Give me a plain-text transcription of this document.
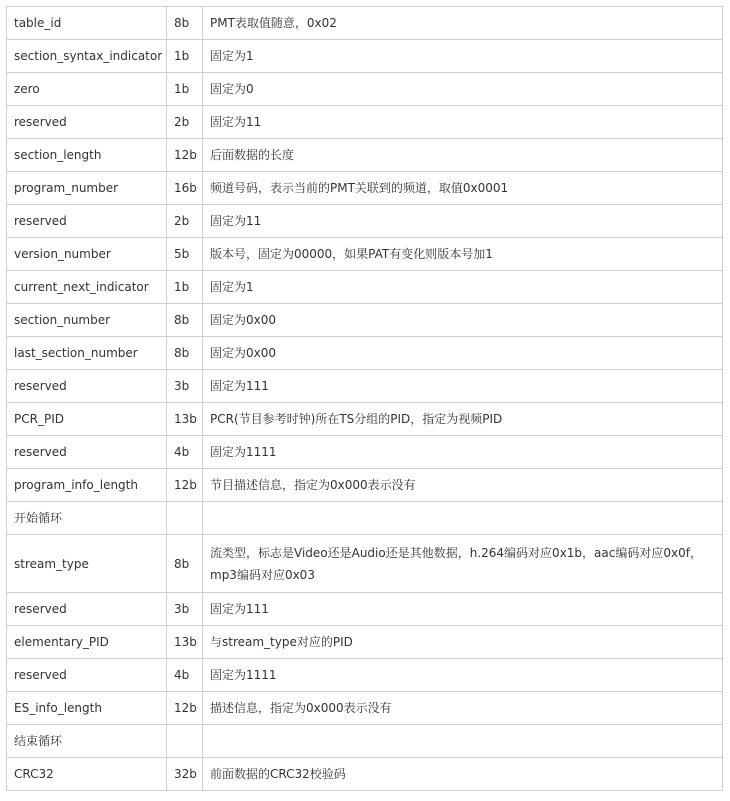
table_id	8b	PMT表取值随意，0x02
section_syntax_indicator	1b	固定为1
zero	1b	固定为0
reserved	2b	固定为11
section_length	12b	后面数据的长度
program_number	16b	频道号码，表示当前的PMT关联到的频道，取值0x0001
reserved	2b	固定为11
version_number	5b	版本号，固定为00000，如果PAT有变化则版本号加1
current_next_indicator	1b	固定为1
section_number	8b	固定为0x00
last_section_number	8b	固定为0x00
reserved	3b	固定为111
PCR_PID	13b	PCR(节目参考时钟)所在TS分组的PID，指定为视频PID
reserved	4b	固定为1111
program_info_length	12b	节目描述信息，指定为0x000表示没有
开始循环		
stream_type	8b	流类型，标志是Video还是Audio还是其他数据，h.264编码对应0x1b，aac编码对应0x0f，mp3编码对应0x03
reserved	3b	固定为111
elementary_PID	13b	与stream_type对应的PID
reserved	4b	固定为1111
ES_info_length	12b	描述信息，指定为0x000表示没有
结束循环		
CRC32	32b	前面数据的CRC32校验码
